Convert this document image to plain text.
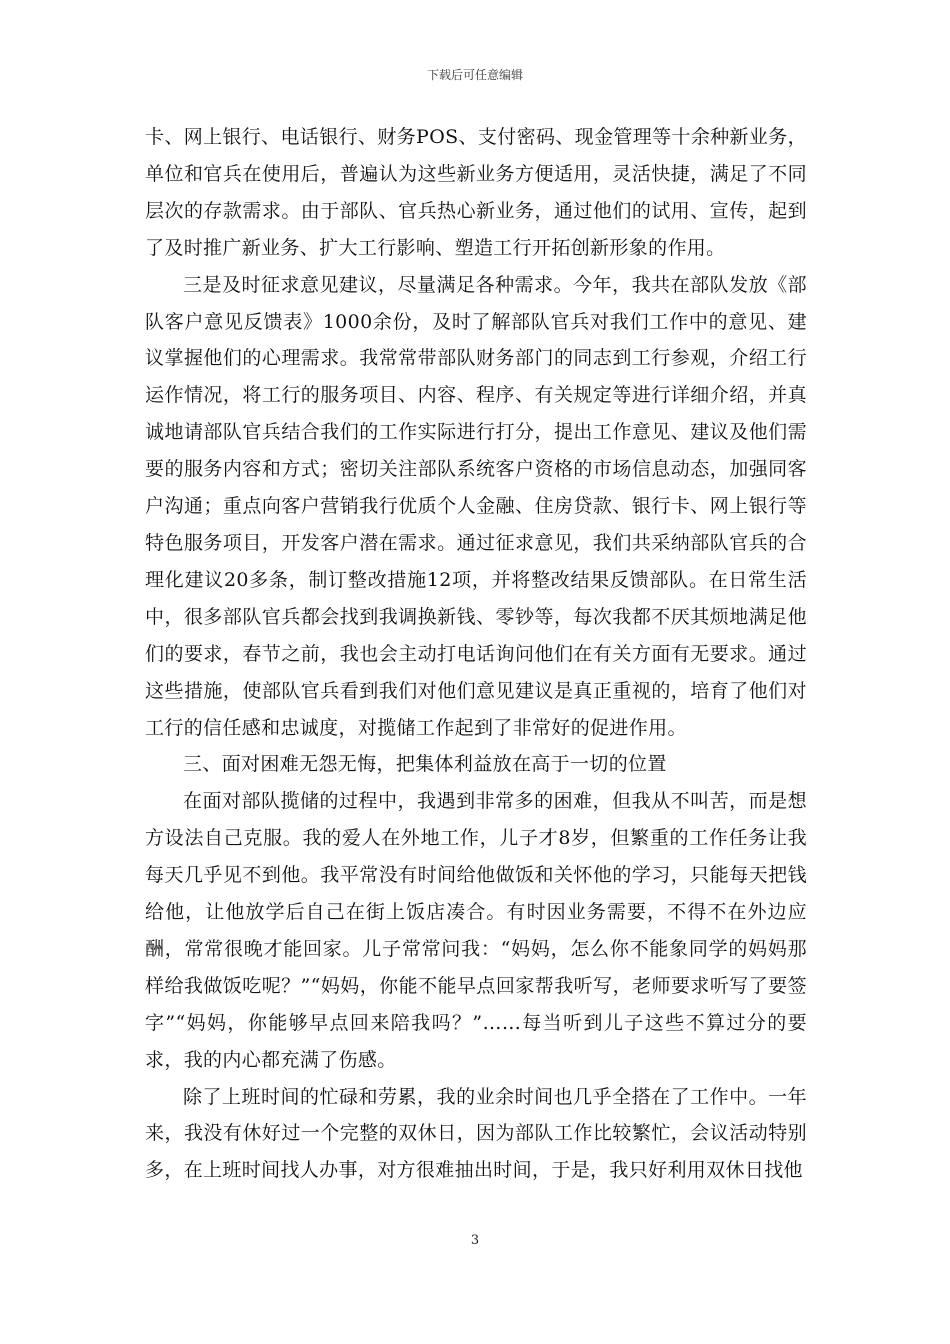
下载后可任意编辑

卡、网上银行、电话银行、财务POS、支付密码、现金管理等十余种新业务，单位和官兵在使用后，普遍认为这些新业务方便适用，灵活快捷，满足了不同层次的存款需求。由于部队、官兵热心新业务，通过他们的试用、宣传，起到了及时推广新业务、扩大工行影响、塑造工行开拓创新形象的作用。

三是及时征求意见建议，尽量满足各种需求。今年，我共在部队发放《部队客户意见反馈表》1000余份，及时了解部队官兵对我们工作中的意见、建议掌握他们的心理需求。我常常带部队财务部门的同志到工行参观，介绍工行运作情况，将工行的服务项目、内容、程序、有关规定等进行详细介绍，并真诚地请部队官兵结合我们的工作实际进行打分，提出工作意见、建议及他们需要的服务内容和方式；密切关注部队系统客户资格的市场信息动态，加强同客户沟通；重点向客户营销我行优质个人金融、住房贷款、银行卡、网上银行等特色服务项目，开发客户潜在需求。通过征求意见，我们共采纳部队官兵的合理化建议20多条，制订整改措施12项，并将整改结果反馈部队。在日常生活中，很多部队官兵都会找到我调换新钱、零钞等，每次我都不厌其烦地满足他们的要求，春节之前，我也会主动打电话询问他们在有关方面有无要求。通过这些措施，使部队官兵看到我们对他们意见建议是真正重视的，培育了他们对工行的信任感和忠诚度，对揽储工作起到了非常好的促进作用。

三、面对困难无怨无悔，把集体利益放在高于一切的位置

在面对部队揽储的过程中，我遇到非常多的困难，但我从不叫苦，而是想方设法自己克服。我的爱人在外地工作，儿子才8岁，但繁重的工作任务让我每天几乎见不到他。我平常没有时间给他做饭和关怀他的学习，只能每天把钱给他，让他放学后自己在街上饭店凑合。有时因业务需要，不得不在外边应酬，常常很晚才能回家。儿子常常问我：“妈妈，怎么你不能象同学的妈妈那样给我做饭吃呢？”“妈妈，你能不能早点回家帮我听写，老师要求听写了要签字”“妈妈，你能够早点回来陪我吗？”……每当听到儿子这些不算过分的要求，我的内心都充满了伤感。

除了上班时间的忙碌和劳累，我的业余时间也几乎全搭在了工作中。一年来，我没有休好过一个完整的双休日，因为部队工作比较繁忙，会议活动特别多，在上班时间找人办事，对方很难抽出时间，于是，我只好利用双休日找他

3
